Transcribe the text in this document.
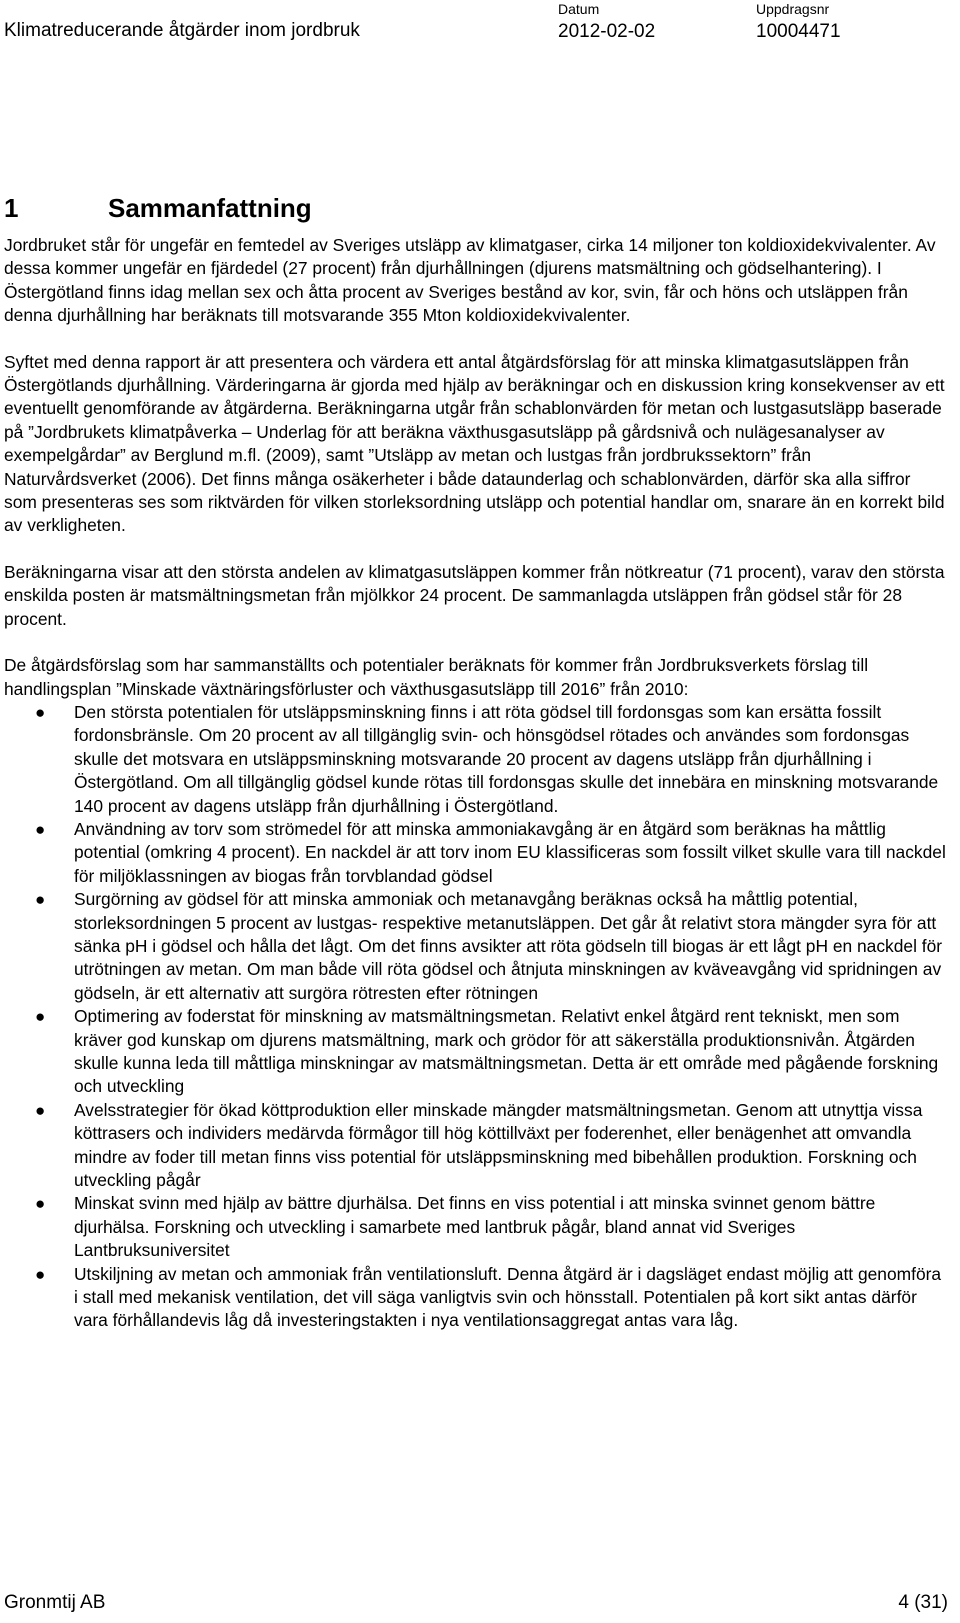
Klimatreducerande åtgärder inom jordbruk
Datum
2012-02-02
Uppdragsnr
10004471
1	Sammanfattning

Jordbruket står för ungefär en femtedel av Sveriges utsläpp av klimatgaser, cirka 14 miljoner ton koldioxidekvivalenter. Av dessa kommer ungefär en fjärdedel (27 procent) från djurhållningen (djurens matsmältning och gödselhantering). I Östergötland finns idag mellan sex och åtta procent av Sveriges bestånd av kor, svin, får och höns och utsläppen från denna djurhållning har beräknats till motsvarande 355 Mton koldioxidekvivalenter.

Syftet med denna rapport är att presentera och värdera ett antal åtgärdsförslag för att minska klimatgasutsläppen från Östergötlands djurhållning. Värderingarna är gjorda med hjälp av beräkningar och en diskussion kring konsekvenser av ett eventuellt genomförande av åtgärderna. Beräkningarna utgår från schablonvärden för metan och lustgasutsläpp baserade på ”Jordbrukets klimatpåverka – Underlag för att beräkna växthusgasutsläpp på gårdsnivå och nulägesanalyser av exempelgårdar” av Berglund m.fl. (2009), samt ”Utsläpp av metan och lustgas från jordbrukssektorn” från Naturvårdsverket (2006). Det finns många osäkerheter i både dataunderlag och schablonvärden, därför ska alla siffror som presenteras ses som riktvärden för vilken storleksordning utsläpp och potential handlar om, snarare än en korrekt bild av verkligheten.

Beräkningarna visar att den största andelen av klimatgasutsläppen kommer från nötkreatur (71 procent), varav den största enskilda posten är matsmältningsmetan från mjölkkor 24 procent. De sammanlagda utsläppen från gödsel står för 28 procent.

De åtgärdsförslag som har sammanställts och potentialer beräknats för kommer från Jordbruksverkets förslag till handlingsplan ”Minskade växtnäringsförluster och växthusgasutsläpp till 2016” från 2010:

● Den största potentialen för utsläppsminskning finns i att röta gödsel till fordonsgas som kan ersätta fossilt fordonsbränsle. Om 20 procent av all tillgänglig svin- och hönsgödsel rötades och användes som fordonsgas skulle det motsvara en utsläppsminskning motsvarande 20 procent av dagens utsläpp från djurhållning i Östergötland. Om all tillgänglig gödsel kunde rötas till fordonsgas skulle det innebära en minskning motsvarande 140 procent av dagens utsläpp från djurhållning i Östergötland.
● Användning av torv som strömedel för att minska ammoniakavgång är en åtgärd som beräknas ha måttlig potential (omkring 4 procent). En nackdel är att torv inom EU klassificeras som fossilt vilket skulle vara till nackdel för miljöklassningen av biogas från torvblandad gödsel
● Surgörning av gödsel för att minska ammoniak och metanavgång beräknas också ha måttlig potential, storleksordningen 5 procent av lustgas- respektive metanutsläppen. Det går åt relativt stora mängder syra för att sänka pH i gödsel och hålla det lågt. Om det finns avsikter att röta gödseln till biogas är ett lågt pH en nackdel för utrötningen av metan. Om man både vill röta gödsel och åtnjuta minskningen av kväveavgång vid spridningen av gödseln, är ett alternativ att surgöra rötresten efter rötningen
● Optimering av foderstat för minskning av matsmältningsmetan. Relativt enkel åtgärd rent tekniskt, men som kräver god kunskap om djurens matsmältning, mark och grödor för att säkerställa produktionsnivån. Åtgärden skulle kunna leda till måttliga minskningar av matsmältningsmetan. Detta är ett område med pågående forskning och utveckling
● Avelsstrategier för ökad köttproduktion eller minskade mängder matsmältningsmetan. Genom att utnyttja vissa köttrasers och individers medärvda förmågor till hög köttillväxt per foderenhet, eller benägenhet att omvandla mindre av foder till metan finns viss potential för utsläppsminskning med bibehållen produktion. Forskning och utveckling pågår
● Minskat svinn med hjälp av bättre djurhälsa. Det finns en viss potential i att minska svinnet genom bättre djurhälsa. Forskning och utveckling i samarbete med lantbruk pågår, bland annat vid Sveriges Lantbruksuniversitet
● Utskiljning av metan och ammoniak från ventilationsluft. Denna åtgärd är i dagsläget endast möjlig att genomföra i stall med mekanisk ventilation, det vill säga vanligtvis svin och hönsstall. Potentialen på kort sikt antas därför vara förhållandevis låg då investeringstakten i nya ventilationsaggregat antas vara låg.
Gronmtij AB	4 (31)
